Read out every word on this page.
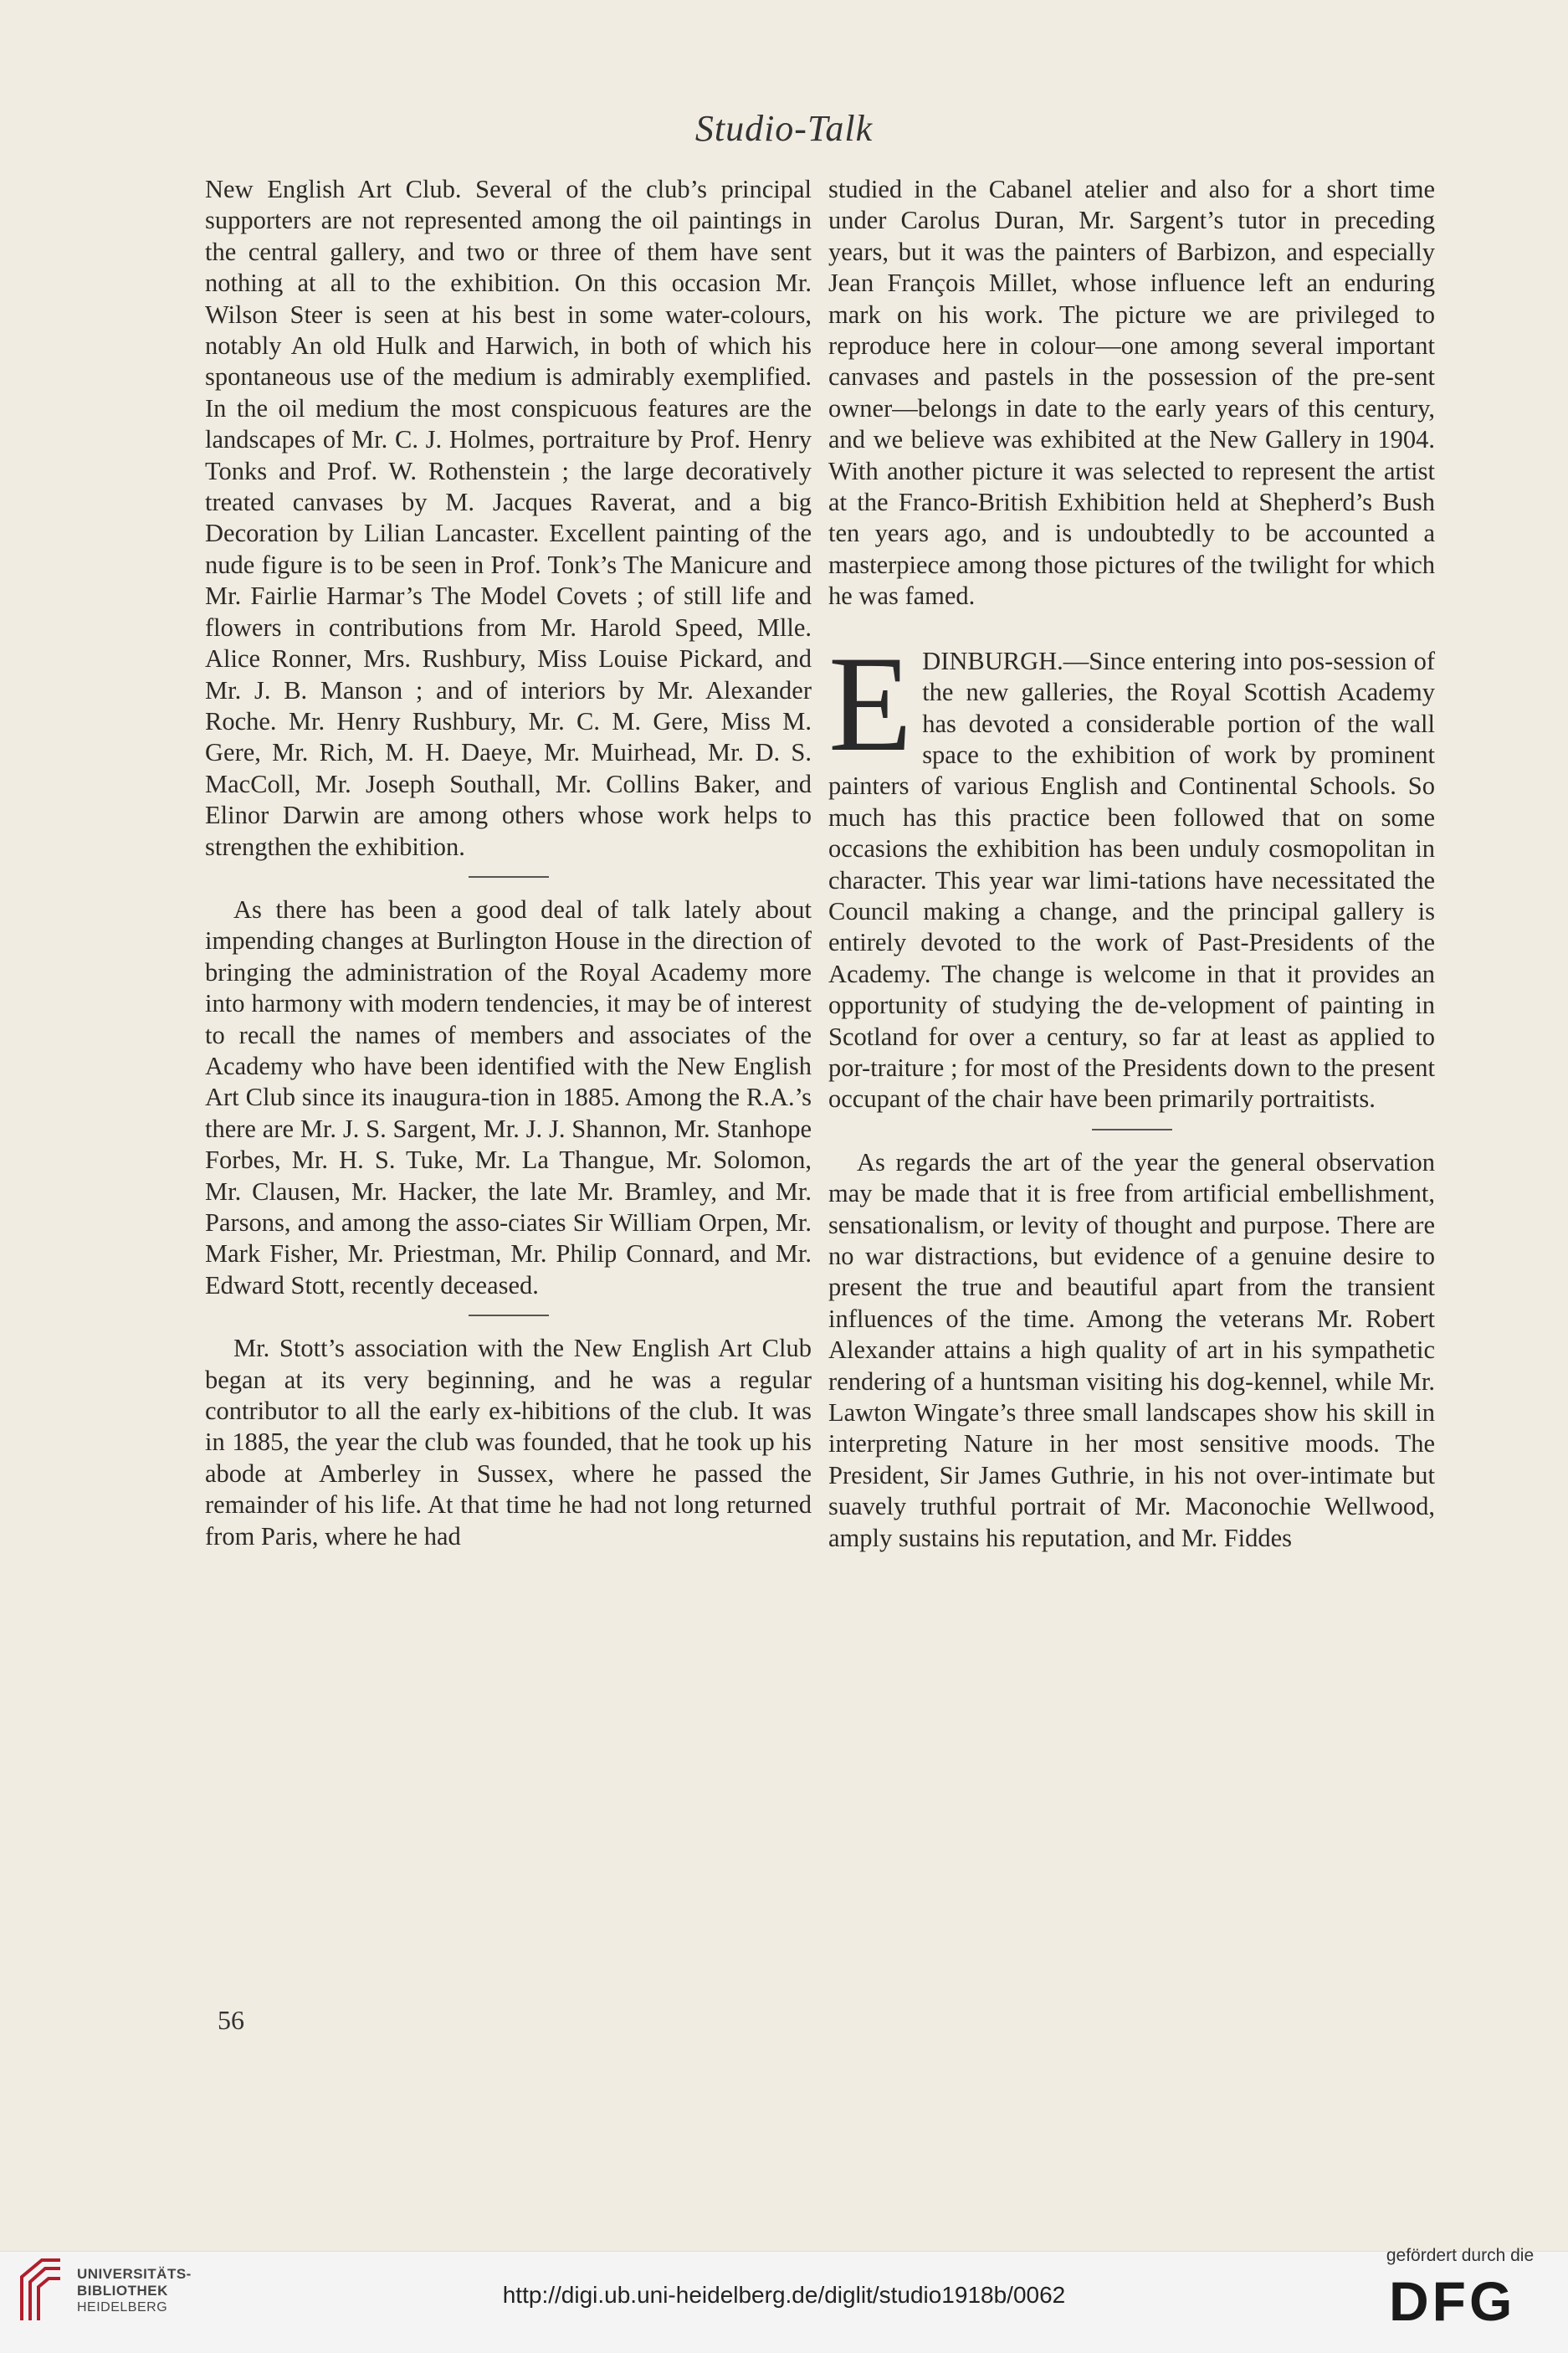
Studio-Talk

New English Art Club. Several of the club’s principal supporters are not represented among the oil paintings in the central gallery, and two or three of them have sent nothing at all to the exhibition. On this occasion Mr. Wilson Steer is seen at his best in some water-colours, notably An old Hulk and Harwich, in both of which his spontaneous use of the medium is admirably exemplified. In the oil medium the most conspicuous features are the landscapes of Mr. C. J. Holmes, portraiture by Prof. Henry Tonks and Prof. W. Rothenstein ; the large decoratively treated canvases by M. Jacques Raverat, and a big Decoration by Lilian Lancaster. Excellent painting of the nude figure is to be seen in Prof. Tonk’s The Manicure and Mr. Fairlie Harmar’s The Model Covets ; of still life and flowers in contributions from Mr. Harold Speed, Mlle. Alice Ronner, Mrs. Rushbury, Miss Louise Pickard, and Mr. J. B. Manson ; and of interiors by Mr. Alexander Roche. Mr. Henry Rushbury, Mr. C. M. Gere, Miss M. Gere, Mr. Rich, M. H. Daeye, Mr. Muirhead, Mr. D. S. MacColl, Mr. Joseph Southall, Mr. Collins Baker, and Elinor Darwin are among others whose work helps to strengthen the exhibition.

As there has been a good deal of talk lately about impending changes at Burlington House in the direction of bringing the administration of the Royal Academy more into harmony with modern tendencies, it may be of interest to recall the names of members and associates of the Academy who have been identified with the New English Art Club since its inaugura-tion in 1885. Among the R.A.’s there are Mr. J. S. Sargent, Mr. J. J. Shannon, Mr. Stanhope Forbes, Mr. H. S. Tuke, Mr. La Thangue, Mr. Solomon, Mr. Clausen, Mr. Hacker, the late Mr. Bramley, and Mr. Parsons, and among the asso-ciates Sir William Orpen, Mr. Mark Fisher, Mr. Priestman, Mr. Philip Connard, and Mr. Edward Stott, recently deceased.

Mr. Stott’s association with the New English Art Club began at its very beginning, and he was a regular contributor to all the early ex-hibitions of the club. It was in 1885, the year the club was founded, that he took up his abode at Amberley in Sussex, where he passed the remainder of his life. At that time he had not long returned from Paris, where he had

studied in the Cabanel atelier and also for a short time under Carolus Duran, Mr. Sargent’s tutor in preceding years, but it was the painters of Barbizon, and especially Jean François Millet, whose influence left an enduring mark on his work. The picture we are privileged to reproduce here in colour—one among several important canvases and pastels in the possession of the pre-sent owner—belongs in date to the early years of this century, and we believe was exhibited at the New Gallery in 1904. With another picture it was selected to represent the artist at the Franco-British Exhibition held at Shepherd’s Bush ten years ago, and is undoubtedly to be accounted a masterpiece among those pictures of the twilight for which he was famed.

EDINBURGH.—Since entering into pos-session of the new galleries, the Royal Scottish Academy has devoted a considerable portion of the wall space to the exhibition of work by prominent painters of various English and Continental Schools. So much has this practice been followed that on some occasions the exhibition has been unduly cosmopolitan in character. This year war limi-tations have necessitated the Council making a change, and the principal gallery is entirely devoted to the work of Past-Presidents of the Academy. The change is welcome in that it provides an opportunity of studying the de-velopment of painting in Scotland for over a century, so far at least as applied to por-traiture ; for most of the Presidents down to the present occupant of the chair have been primarily portraitists.

As regards the art of the year the general observation may be made that it is free from artificial embellishment, sensationalism, or levity of thought and purpose. There are no war distractions, but evidence of a genuine desire to present the true and beautiful apart from the transient influences of the time. Among the veterans Mr. Robert Alexander attains a high quality of art in his sympathetic rendering of a huntsman visiting his dog-kennel, while Mr. Lawton Wingate’s three small landscapes show his skill in interpreting Nature in her most sensitive moods. The President, Sir James Guthrie, in his not over-intimate but suavely truthful portrait of Mr. Maconochie Wellwood, amply sustains his reputation, and Mr. Fiddes

56
UNIVERSITÄTS-
BIBLIOTHEK
HEIDELBERG	http://digi.ub.uni-heidelberg.de/diglit/studio1918b/0062
gefördert durch die
DFG
